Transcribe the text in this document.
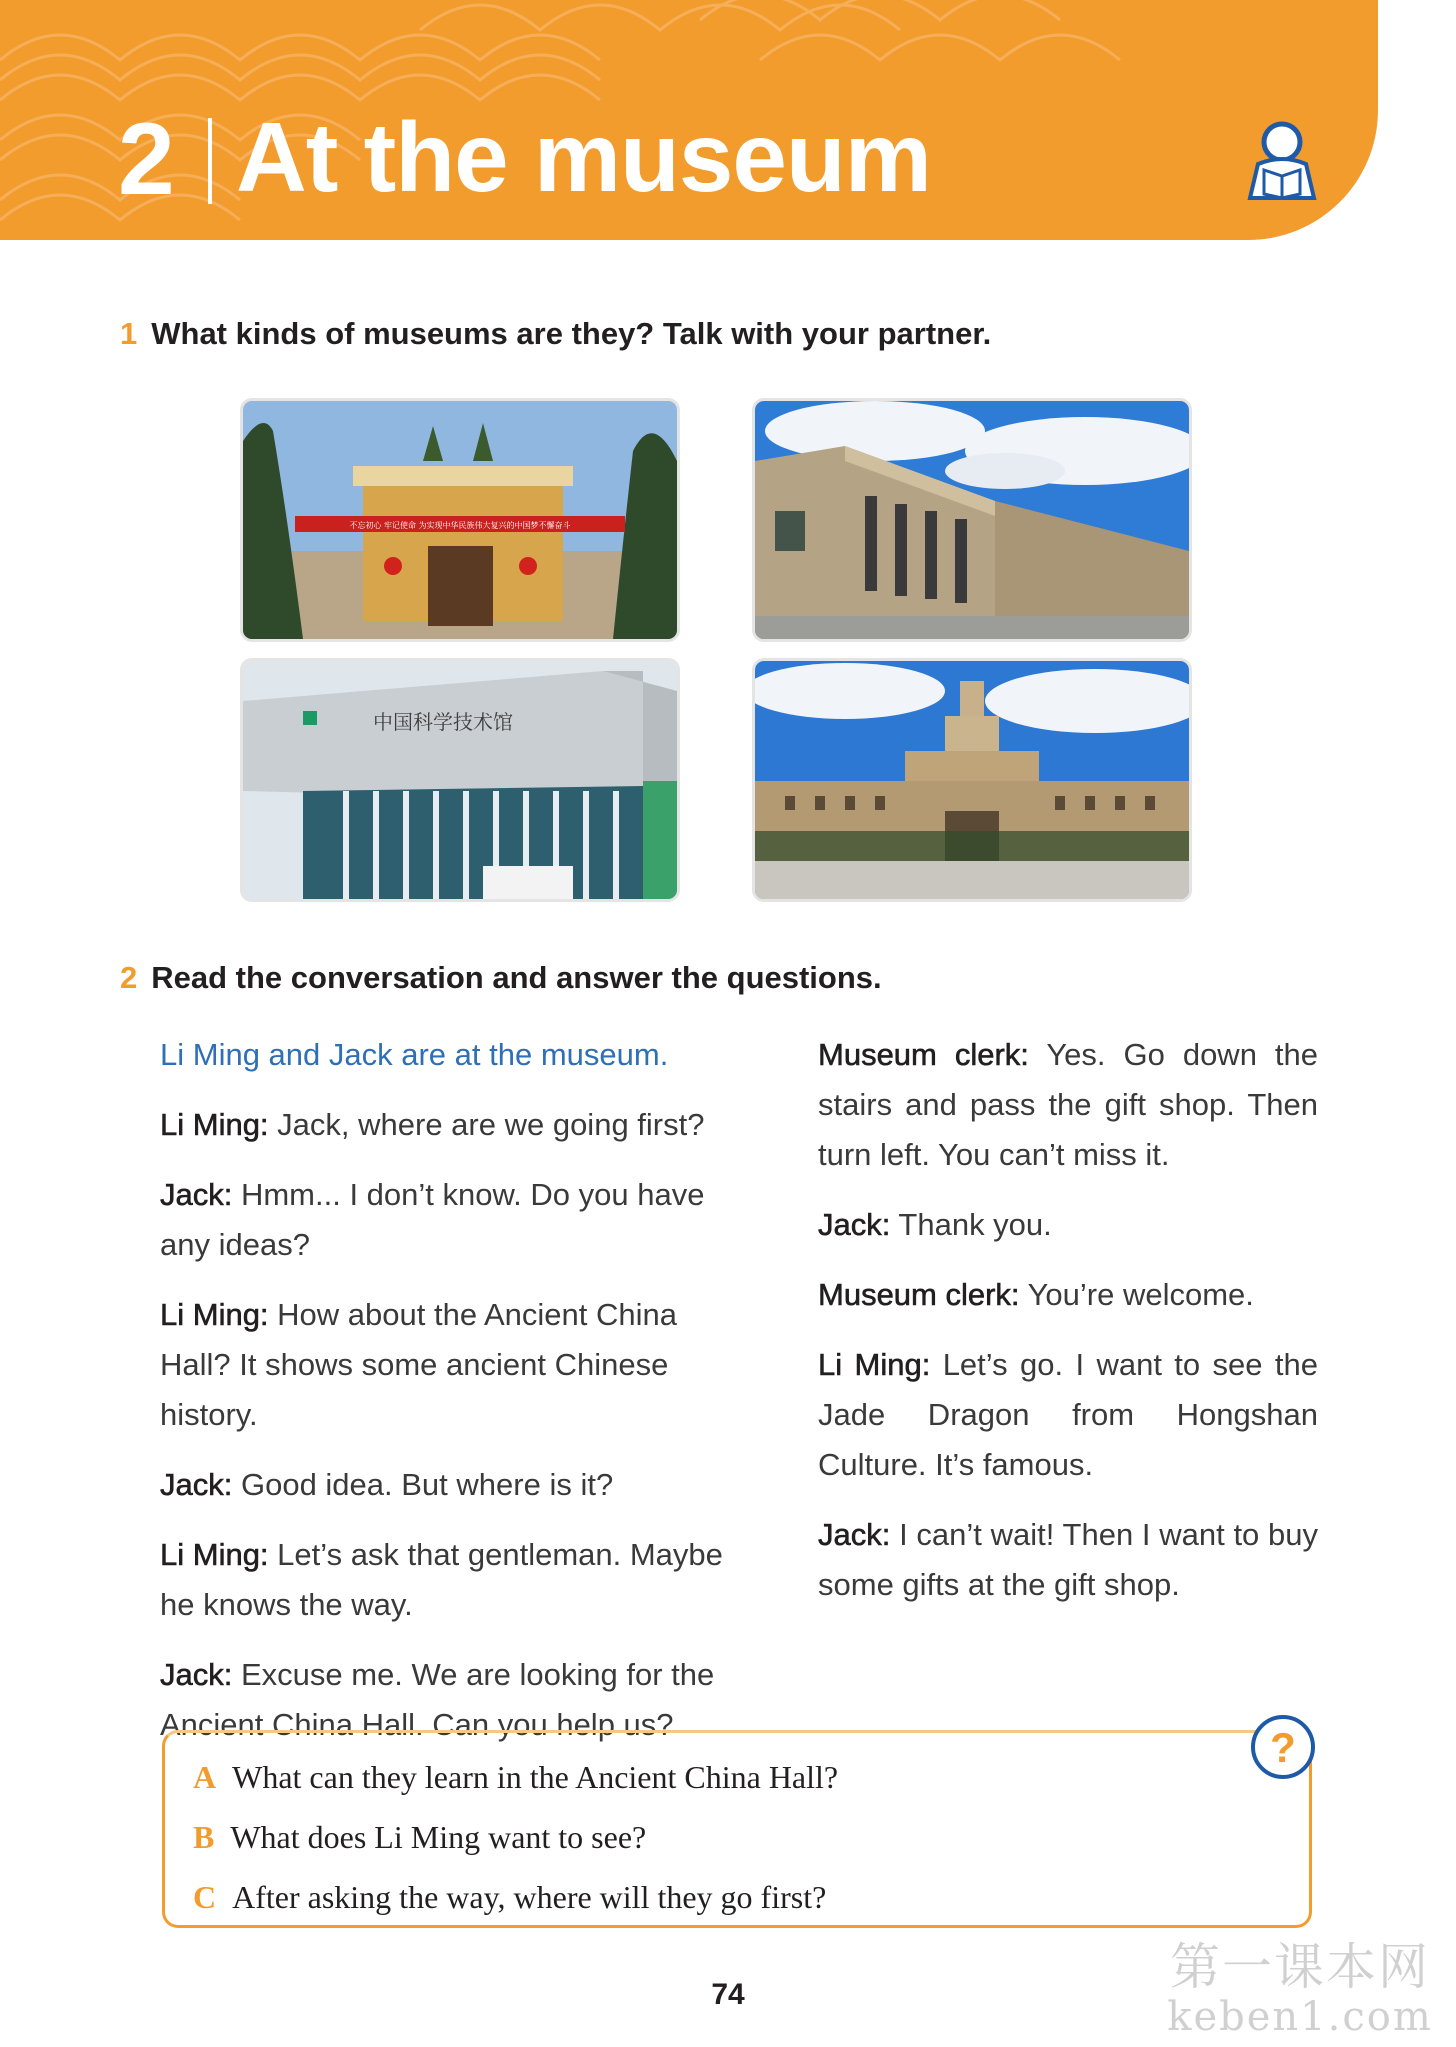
2 At the museum
1 What kinds of museums are they? Talk with your partner.
不忘初心 牢记使命 为实现中华民族伟大复兴的中国梦不懈奋斗
中国科学技术馆
2 Read the conversation and answer the questions.

Li Ming and Jack are at the museum.

Li Ming: Jack, where are we going first?

Jack: Hmm... I don’t know. Do you have any ideas?

Li Ming: How about the Ancient China Hall? It shows some ancient Chinese history.

Jack: Good idea. But where is it?

Li Ming: Let’s ask that gentleman. Maybe he knows the way.

Jack: Excuse me. We are looking for the Ancient China Hall. Can you help us?

Museum clerk: Yes. Go down the stairs and pass the gift shop. Then turn left. You can’t miss it.

Jack: Thank you.

Museum clerk: You’re welcome.

Li Ming: Let’s go. I want to see the Jade Dragon from Hongshan Culture. It’s famous.

Jack: I can’t wait! Then I want to buy some gifts at the gift shop.

A What can they learn in the Ancient China Hall?
B What does Li Ming want to see?
C After asking the way, where will they go first?
?
74	第一课本网
keben1.com
